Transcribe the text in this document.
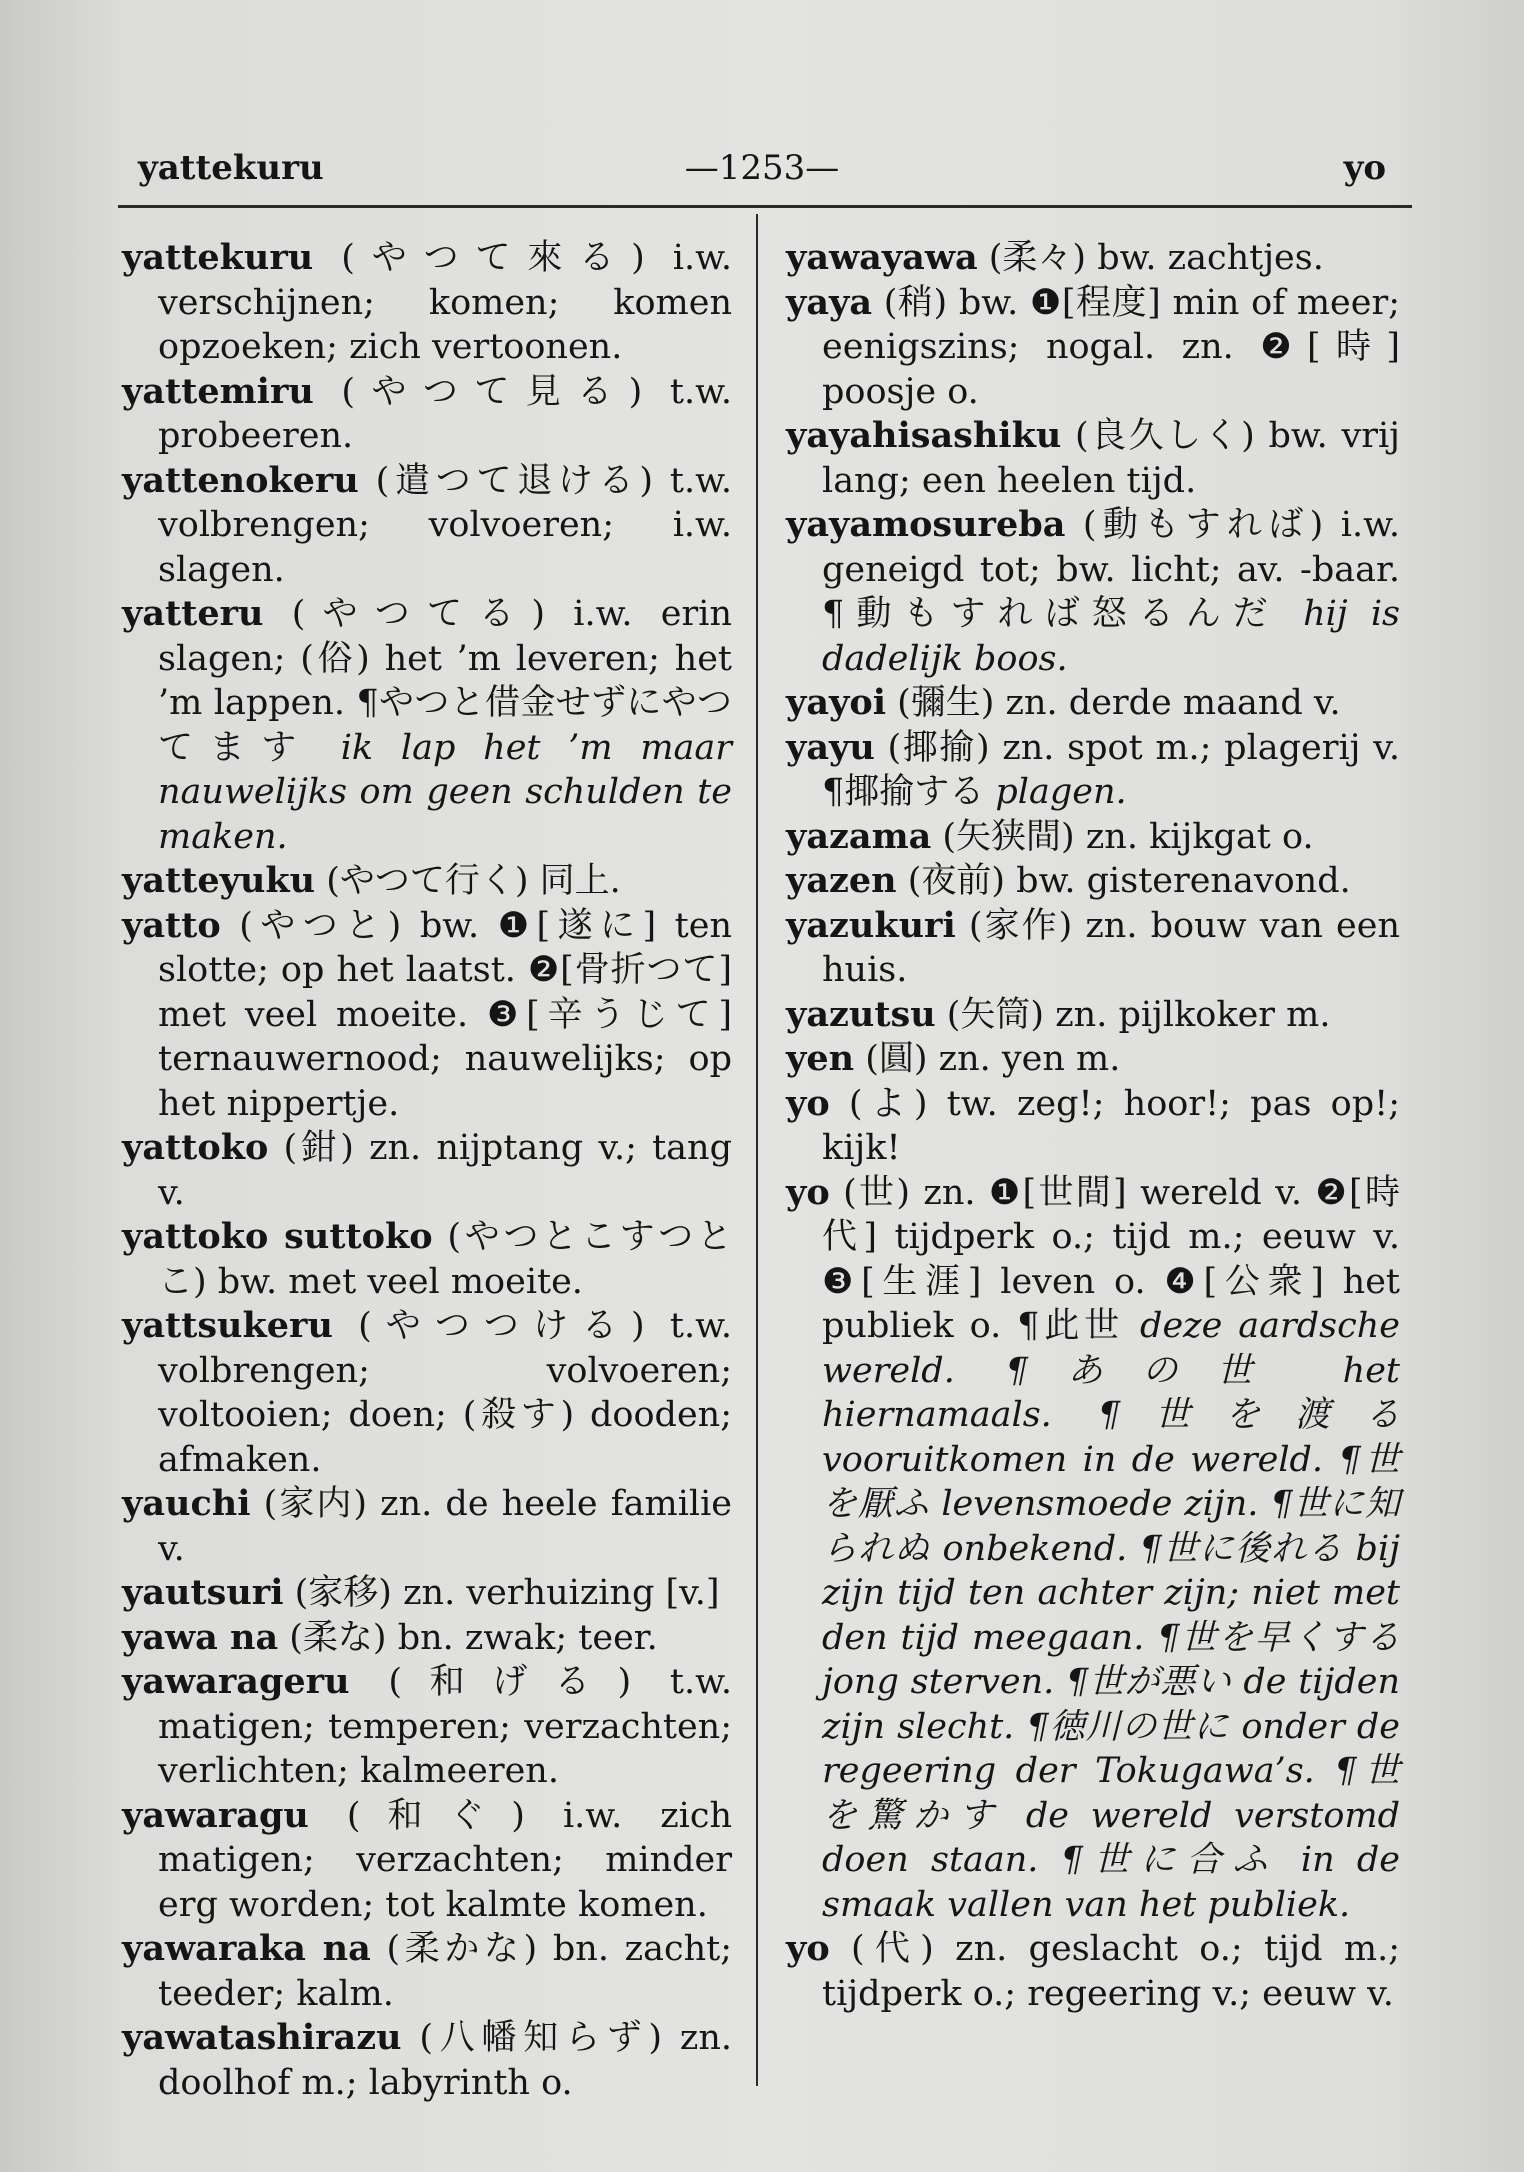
yattekuru	—1253—	yo

yattekuru (やつて來る) i.w. verschijnen; komen; komen opzoeken; zich vertoonen.

yattemiru (やつて見る) t.w. probeeren.

yattenokeru (遣つて退ける) t.w. volbrengen; volvoeren; i.w. slagen.

yatteru (やつてる) i.w. erin slagen; (俗) het ’m leveren; het ’m lappen. ¶やつと借金せずにやつてます ik lap het ’m maar nauwelijks om geen schulden te maken.

yatteyuku (やつて行く) 同上.

yatto (やつと) bw. ❶[遂に] ten slotte; op het laatst. ❷[骨折つて] met veel moeite. ❸[辛うじて] ternauwernood; nauwelijks; op het nippertje.

yattoko (鉗) zn. nijptang v.; tang v.

yattoko suttoko (やつとこすつとこ) bw. met veel moeite.

yattsukeru (やつつける) t.w. volbrengen; volvoeren; voltooien; doen; (殺す) dooden; afmaken.

yauchi (家内) zn. de heele familie v.

yautsuri (家移) zn. verhuizing [v.]

yawa na (柔な) bn. zwak; teer.

yawarageru (和げる) t.w. matigen; temperen; verzachten; verlichten; kalmeeren.

yawaragu (和ぐ) i.w. zich matigen; verzachten; minder erg worden; tot kalmte komen.

yawaraka na (柔かな) bn. zacht; teeder; kalm.

yawatashirazu (八幡知らず) zn. doolhof m.; labyrinth o.

yawayawa (柔々) bw. zachtjes.

yaya (稍) bw. ❶[程度] min of meer; eenigszins; nogal. zn. ❷[時] poosje o.

yayahisashiku (良久しく) bw. vrij lang; een heelen tijd.

yayamosureba (動もすれば) i.w. geneigd tot; bw. licht; av. -baar. ¶動もすれば怒るんだ hij is dadelijk boos.

yayoi (彌生) zn. derde maand v.

yayu (揶揄) zn. spot m.; plagerij v. ¶揶揄する plagen.

yazama (矢狭間) zn. kijkgat o.

yazen (夜前) bw. gisterenavond.

yazukuri (家作) zn. bouw van een huis.

yazutsu (矢筒) zn. pijlkoker m.

yen (圓) zn. yen m.

yo (よ) tw. zeg!; hoor!; pas op!; kijk!

yo (世) zn. ❶[世間] wereld v. ❷[時代] tijdperk o.; tijd m.; eeuw v. ❸[生涯] leven o. ❹[公衆] het publiek o. ¶此世 deze aardsche wereld. ¶あの世 het hiernamaals. ¶世を渡る vooruitkomen in de wereld. ¶世を厭ふ levensmoede zijn. ¶世に知られぬ onbekend. ¶世に後れる bij zijn tijd ten achter zijn; niet met den tijd meegaan. ¶世を早くする jong sterven. ¶世が悪い de tijden zijn slecht. ¶徳川の世に onder de regeering der Tokugawa’s. ¶世を驚かす de wereld verstomd doen staan. ¶世に合ふ in de smaak vallen van het publiek.

yo (代) zn. geslacht o.; tijd m.; tijdperk o.; regeering v.; eeuw v.
